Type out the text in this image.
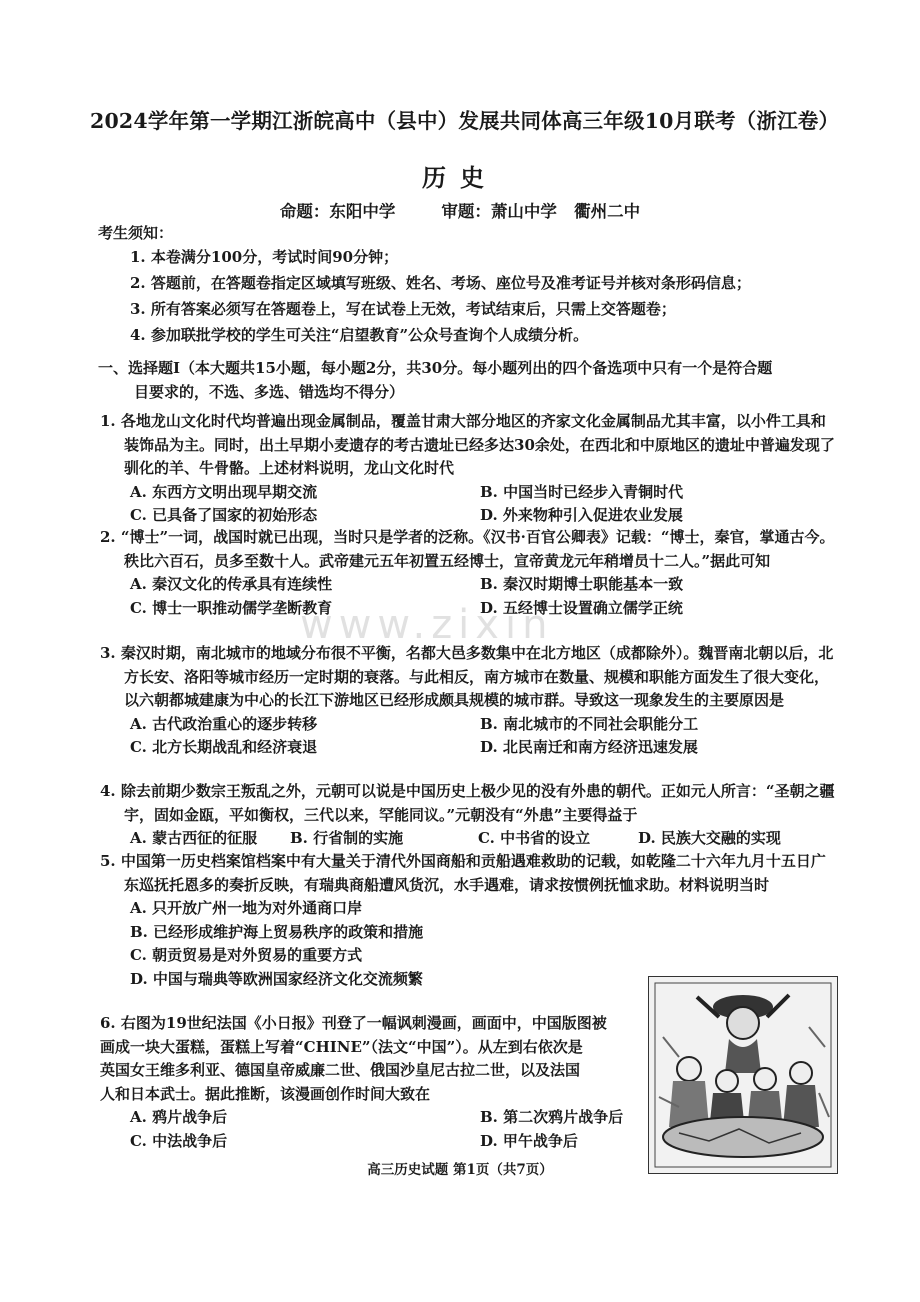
2024学年第一学期江浙皖高中（县中）发展共同体高三年级10月联考（浙江卷）
历史
命题：东阳中学        审题：萧山中学   衢州二中
考生须知：
1. 本卷满分100分，考试时间90分钟；
2. 答题前，在答题卷指定区域填写班级、姓名、考场、座位号及准考证号并核对条形码信息；
3. 所有答案必须写在答题卷上，写在试卷上无效，考试结束后，只需上交答题卷；
4. 参加联批学校的学生可关注“启望教育”公众号查询个人成绩分析。
一、选择题Ⅰ（本大题共15小题，每小题2分，共30分。每小题列出的四个备选项中只有一个是符合题
目要求的，不选、多选、错选均不得分）
1. 各地龙山文化时代均普遍出现金属制品，覆盖甘肃大部分地区的齐家文化金属制品尤其丰富，以小件工具和装饰品为主。同时，出土早期小麦遗存的考古遗址已经多达30余处，在西北和中原地区的遗址中普遍发现了驯化的羊、牛骨骼。上述材料说明，龙山文化时代
A. 东西方文明出现早期交流	B. 中国当时已经步入青铜时代
C. 已具备了国家的初始形态	D. 外来物种引入促进农业发展
2. “博士”一词，战国时就已出现，当时只是学者的泛称。《汉书·百官公卿表》记载：“博士，秦官，掌通古今。秩比六百石，员多至数十人。武帝建元五年初置五经博士，宣帝黄龙元年稍增员十二人。”据此可知
A. 秦汉文化的传承具有连续性	B. 秦汉时期博士职能基本一致
C. 博士一职推动儒学垄断教育	D. 五经博士设置确立儒学正统
3. 秦汉时期，南北城市的地域分布很不平衡，名都大邑多数集中在北方地区（成都除外）。魏晋南北朝以后，北方长安、洛阳等城市经历一定时期的衰落。与此相反，南方城市在数量、规模和职能方面发生了很大变化，以六朝都城建康为中心的长江下游地区已经形成颇具规模的城市群。导致这一现象发生的主要原因是
A. 古代政治重心的逐步转移	B. 南北城市的不同社会职能分工
C. 北方长期战乱和经济衰退	D. 北民南迁和南方经济迅速发展
4. 除去前期少数宗王叛乱之外，元朝可以说是中国历史上极少见的没有外患的朝代。正如元人所言：“圣朝之疆宇，固如金瓯，平如衡权，三代以来，罕能同议。”元朝没有“外患”主要得益于
A. 蒙古西征的征服	B. 行省制的实施	C. 中书省的设立	D. 民族大交融的实现
5. 中国第一历史档案馆档案中有大量关于清代外国商船和贡船遇难救助的记载，如乾隆二十六年九月十五日广东巡抚托恩多的奏折反映，有瑞典商船遭风货沉，水手遇难，请求按惯例抚恤求助。材料说明当时
A. 只开放广州一地为对外通商口岸
B. 已经形成维护海上贸易秩序的政策和措施
C. 朝贡贸易是对外贸易的重要方式
D. 中国与瑞典等欧洲国家经济文化交流频繁
6. 右图为19世纪法国《小日报》刊登了一幅讽刺漫画，画面中，中国版图被
画成一块大蛋糕，蛋糕上写着“CHINE”（法文“中国”）。从左到右依次是
英国女王维多利亚、德国皇帝威廉二世、俄国沙皇尼古拉二世，以及法国
人和日本武士。据此推断，该漫画创作时间大致在
A. 鸦片战争后	B. 第二次鸦片战争后
C. 中法战争后	D. 甲午战争后
www.zixin
高三历史试题 第1页（共7页）
